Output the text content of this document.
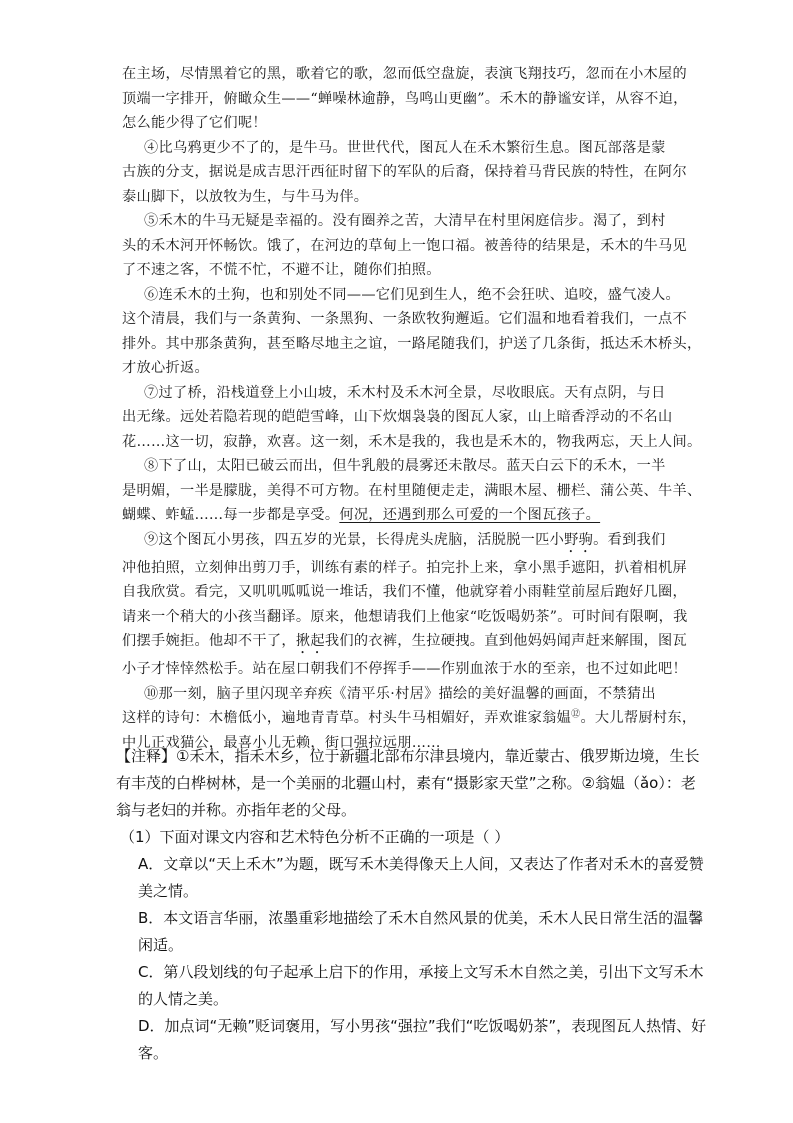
在主场，尽情黑着它的黑，歌着它的歌，忽而低空盘旋，表演飞翔技巧，忽而在小木屋的

顶端一字排开，俯瞰众生——“蝉噪林逾静，鸟鸣山更幽”。禾木的静谧安详，从容不迫，

怎么能少得了它们呢！

④比乌鸦更少不了的，是牛马。世世代代，图瓦人在禾木繁衍生息。图瓦部落是蒙

古族的分支，据说是成吉思汗西征时留下的军队的后裔，保持着马背民族的特性，在阿尔

泰山脚下，以放牧为生，与牛马为伴。

⑤禾木的牛马无疑是幸福的。没有圈养之苦，大清早在村里闲庭信步。渴了，到村

头的禾木河开怀畅饮。饿了，在河边的草甸上一饱口福。被善待的结果是，禾木的牛马见

了不速之客，不慌不忙，不避不让，随你们拍照。

⑥连禾木的土狗，也和别处不同——它们见到生人，绝不会狂吠、追咬，盛气凌人。

这个清晨，我们与一条黄狗、一条黑狗、一条欧牧狗邂逅。它们温和地看着我们，一点不

排外。其中那条黄狗，甚至略尽地主之谊，一路尾随我们，护送了几条街，抵达禾木桥头，

才放心折返。

⑦过了桥，沿栈道登上小山坡，禾木村及禾木河全景，尽收眼底。天有点阴，与日

出无缘。远处若隐若现的皑皑雪峰，山下炊烟袅袅的图瓦人家，山上暗香浮动的不名山

花……这一切，寂静，欢喜。这一刻，禾木是我的，我也是禾木的，物我两忘，天上人间。

⑧下了山，太阳已破云而出，但牛乳般的晨雾还未散尽。蓝天白云下的禾木，一半

是明媚，一半是朦胧，美得不可方物。在村里随便走走，满眼木屋、栅栏、蒲公英、牛羊、

蝴蝶、蚱蜢……每一步都是享受。何况，还遇到那么可爱的一个图瓦孩子。

⑨这个图瓦小男孩，四五岁的光景，长得虎头虎脑，活脱脱一匹小野驹。看到我们

冲他拍照，立刻伸出剪刀手，训练有素的样子。拍完扑上来，拿小黑手遮阳，扒着相机屏

自我欣赏。看完，又叽叽呱呱说一堆话，我们不懂，他就穿着小雨鞋堂前屋后跑好几圈，

请来一个稍大的小孩当翻译。原来，他想请我们上他家“吃饭喝奶茶”。可时间有限啊，我

们摆手婉拒。他却不干了，揪起我们的衣裤，生拉硬拽。直到他妈妈闻声赶来解围，图瓦

小子才悻悻然松手。站在屋口朝我们不停挥手——作别血浓于水的至亲，也不过如此吧！

⑩那一刻，脑子里闪现辛弃疾《清平乐·村居》描绘的美好温馨的画面，不禁猜出

这样的诗句：木檐低小，遍地青青草。村头牛马相媚好，弄欢谁家翁媪⑫。大儿帮厨村东，

中儿正戏猫公，最喜小儿无赖，街口强拉远朋……

【注释】①禾木，指禾木乡，位于新疆北部布尔津县境内，靠近蒙古、俄罗斯边境，生长

有丰茂的白桦树林，是一个美丽的北疆山村，素有“摄影家天堂”之称。②翁媪（ǎo）：老

翁与老妇的并称。亦指年老的父母。

（1）下面对课文内容和艺术特色分析不正确的一项是（ ）

A．文章以“天上禾木”为题，既写禾木美得像天上人间，又表达了作者对禾木的喜爱赞

美之情。

B．本文语言华丽，浓墨重彩地描绘了禾木自然风景的优美，禾木人民日常生活的温馨

闲适。

C．第八段划线的句子起承上启下的作用，承接上文写禾木自然之美，引出下文写禾木

的人情之美。

D．加点词“无赖”贬词褒用，写小男孩“强拉”我们“吃饭喝奶茶”，表现图瓦人热情、好

客。
